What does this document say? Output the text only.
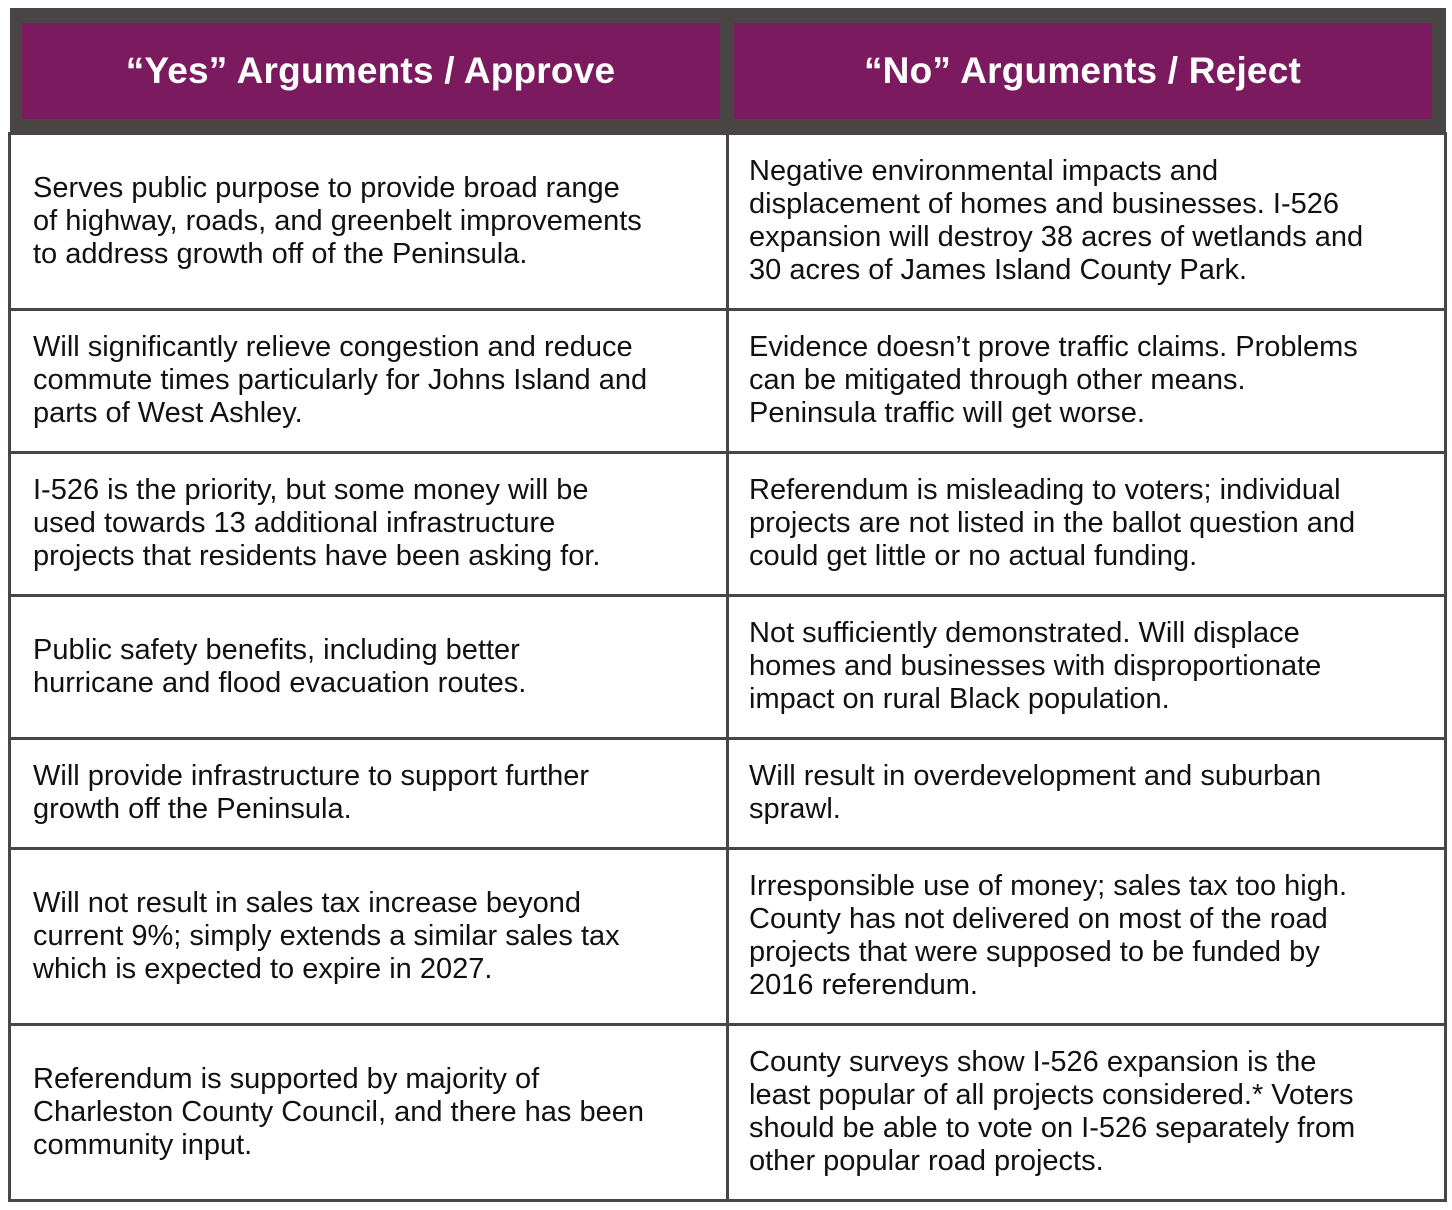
“Yes” Arguments / Approve	“No” Arguments / Reject

Serves public purpose to provide broad range
of highway, roads, and greenbelt improvements
to address growth off of the Peninsula.	Negative environmental impacts and
displacement of homes and businesses. I-526
expansion will destroy 38 acres of wetlands and
30 acres of James Island County Park.

Will significantly relieve congestion and reduce
commute times particularly for Johns Island and
parts of West Ashley.	Evidence doesn’t prove traffic claims. Problems
can be mitigated through other means.
Peninsula traffic will get worse.

I-526 is the priority, but some money will be
used towards 13 additional infrastructure
projects that residents have been asking for.	Referendum is misleading to voters; individual
projects are not listed in the ballot question and
could get little or no actual funding.

Public safety benefits, including better
hurricane and flood evacuation routes.	Not sufficiently demonstrated. Will displace
homes and businesses with disproportionate
impact on rural Black population.

Will provide infrastructure to support further
growth off the Peninsula.	Will result in overdevelopment and suburban
sprawl.

Will not result in sales tax increase beyond
current 9%; simply extends a similar sales tax
which is expected to expire in 2027.	Irresponsible use of money; sales tax too high.
County has not delivered on most of the road
projects that were supposed to be funded by
2016 referendum.

Referendum is supported by majority of
Charleston County Council, and there has been
community input.	County surveys show I-526 expansion is the
least popular of all projects considered.* Voters
should be able to vote on I-526 separately from
other popular road projects.
